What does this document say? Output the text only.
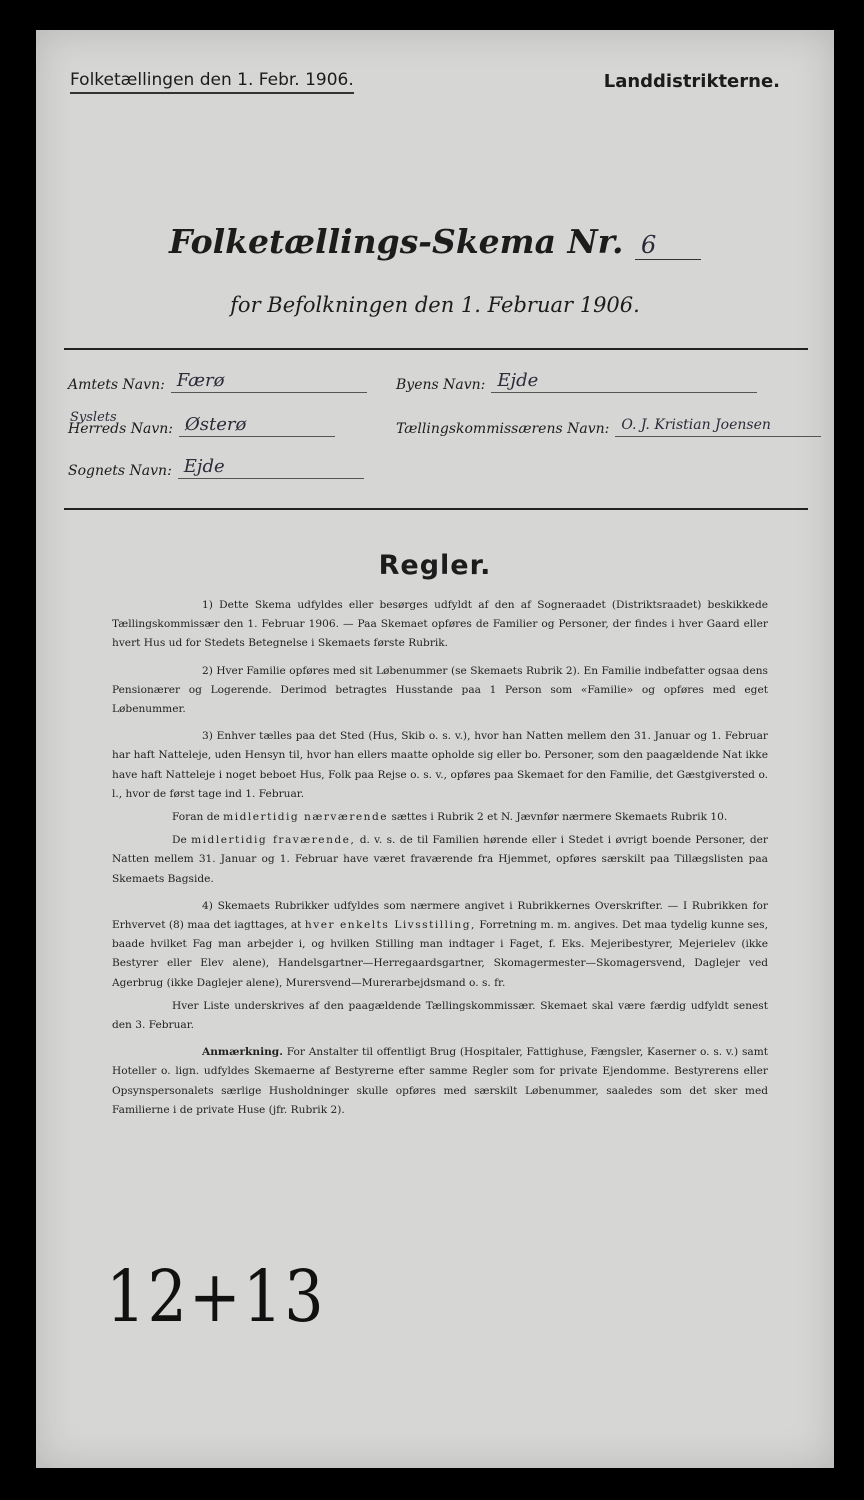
Folketællingen den 1. Febr. 1906.	Landdistrikterne.
Folketællings-Skema Nr. 6
for Befolkningen den 1. Februar 1906.
Amtets Navn: Færø	Byens Navn: Ejde
Syslets
Herreds Navn: Østerø	Tællingskommissærens Navn: O. J. Kristian Joensen
Sognets Navn: Ejde
Regler.

1) Dette Skema udfyldes eller besørges udfyldt af den af Sogneraadet (Distriktsraadet) beskikkede Tællingskommissær den 1. Februar 1906. — Paa Skemaet opføres de Familier og Personer, der findes i hver Gaard eller hvert Hus ud for Stedets Betegnelse i Skemaets første Rubrik.

2) Hver Familie opføres med sit Løbenummer (se Skemaets Rubrik 2). En Familie indbefatter ogsaa dens Pensionærer og Logerende. Derimod betragtes Husstande paa 1 Person som «Familie» og opføres med eget Løbenummer.

3) Enhver tælles paa det Sted (Hus, Skib o. s. v.), hvor han Natten mellem den 31. Januar og 1. Februar har haft Natteleje, uden Hensyn til, hvor han ellers maatte opholde sig eller bo. Personer, som den paagældende Nat ikke have haft Natteleje i noget beboet Hus, Folk paa Rejse o. s. v., opføres paa Skemaet for den Familie, det Gæstgiversted o. l., hvor de først tage ind 1. Februar.

Foran de midlertidig nærværende sættes i Rubrik 2 et N. Jævnfør nærmere Skemaets Rubrik 10.

De midlertidig fraværende, d. v. s. de til Familien hørende eller i Stedet i øvrigt boende Personer, der Natten mellem 31. Januar og 1. Februar have været fraværende fra Hjemmet, opføres særskilt paa Tillægslisten paa Skemaets Bagside.

4) Skemaets Rubrikker udfyldes som nærmere angivet i Rubrikkernes Overskrifter. — I Rubrikken for Erhvervet (8) maa det iagttages, at hver enkelts Livsstilling, Forretning m. m. angives. Det maa tydelig kunne ses, baade hvilket Fag man arbejder i, og hvilken Stilling man indtager i Faget, f. Eks. Mejeribestyrer, Mejerielev (ikke Bestyrer eller Elev alene), Handelsgartner—Herregaardsgartner, Skomagermester—Skomagersvend, Daglejer ved Agerbrug (ikke Daglejer alene), Murersvend—Murerarbejdsmand o. s. fr.

Hver Liste underskrives af den paagældende Tællingskommissær. Skemaet skal være færdig udfyldt senest den 3. Februar.

Anmærkning. For Anstalter til offentligt Brug (Hospitaler, Fattighuse, Fængsler, Kaserner o. s. v.) samt Hoteller o. lign. udfyldes Skemaerne af Bestyrerne efter samme Regler som for private Ejendomme. Bestyrerens eller Opsynspersonalets særlige Husholdninger skulle opføres med særskilt Løbenummer, saaledes som det sker med Familierne i de private Huse (jfr. Rubrik 2).

12+13
